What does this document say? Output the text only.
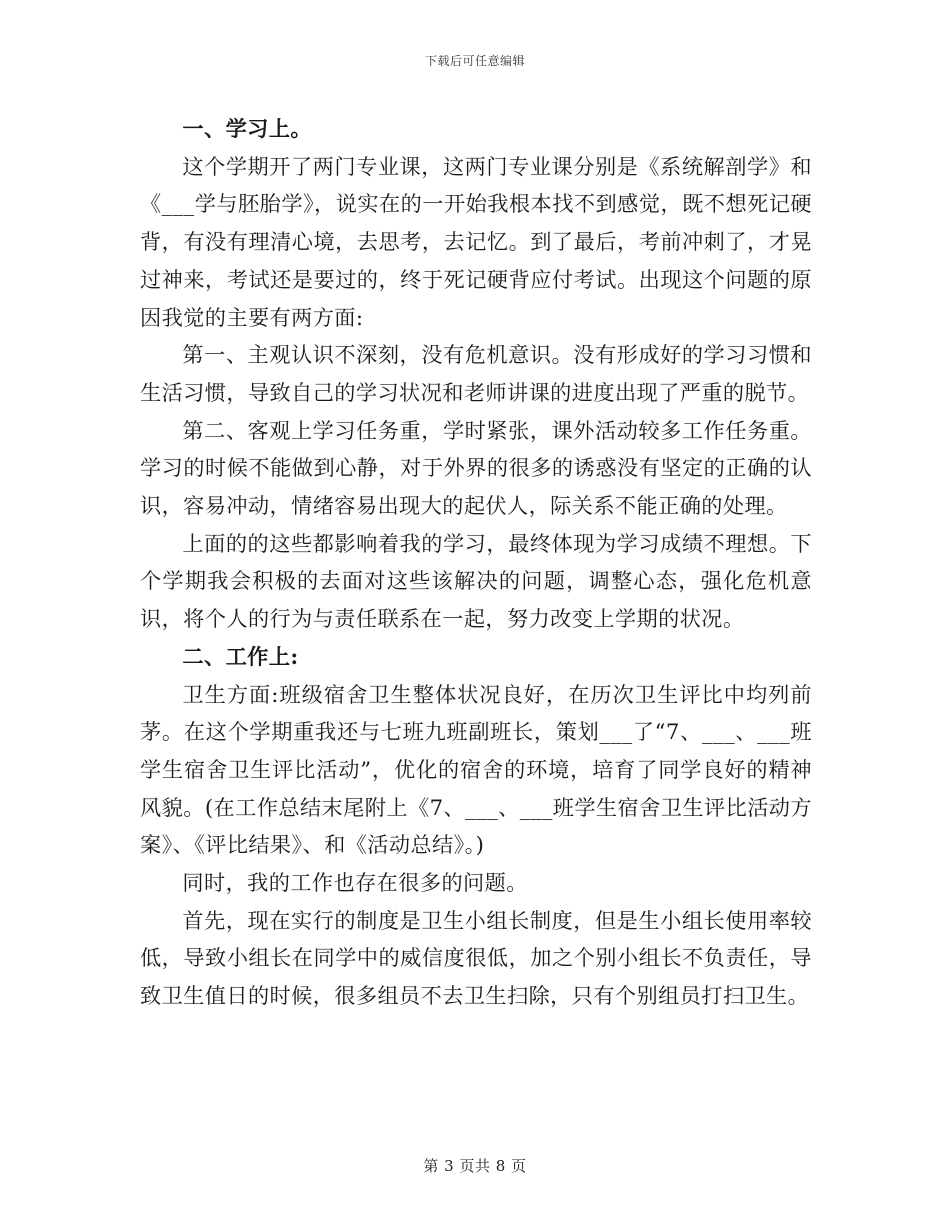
下载后可任意编辑

一、学习上。

这个学期开了两门专业课，这两门专业课分别是《系统解剖学》和《___学与胚胎学》，说实在的一开始我根本找不到感觉，既不想死记硬背，有没有理清心境，去思考，去记忆。到了最后，考前冲刺了，才晃过神来，考试还是要过的，终于死记硬背应付考试。出现这个问题的原因我觉的主要有两方面:

第一、主观认识不深刻，没有危机意识。没有形成好的学习习惯和生活习惯，导致自己的学习状况和老师讲课的进度出现了严重的脱节。

第二、客观上学习任务重，学时紧张，课外活动较多工作任务重。学习的时候不能做到心静，对于外界的很多的诱惑没有坚定的正确的认识，容易冲动，情绪容易出现大的起伏人，际关系不能正确的处理。

上面的的这些都影响着我的学习，最终体现为学习成绩不理想。下个学期我会积极的去面对这些该解决的问题，调整心态，强化危机意识，将个人的行为与责任联系在一起，努力改变上学期的状况。

二、工作上:

卫生方面:班级宿舍卫生整体状况良好，在历次卫生评比中均列前茅。在这个学期重我还与七班九班副班长，策划___了“7、___、___班学生宿舍卫生评比活动”，优化的宿舍的环境，培育了同学良好的精神风貌。(在工作总结末尾附上《7、___、___班学生宿舍卫生评比活动方案》、《评比结果》、和《活动总结》。)

同时，我的工作也存在很多的问题。

首先，现在实行的制度是卫生小组长制度，但是生小组长使用率较低，导致小组长在同学中的威信度很低，加之个别小组长不负责任，导致卫生值日的时候，很多组员不去卫生扫除，只有个别组员打扫卫生。

第 3 页共 8 页
